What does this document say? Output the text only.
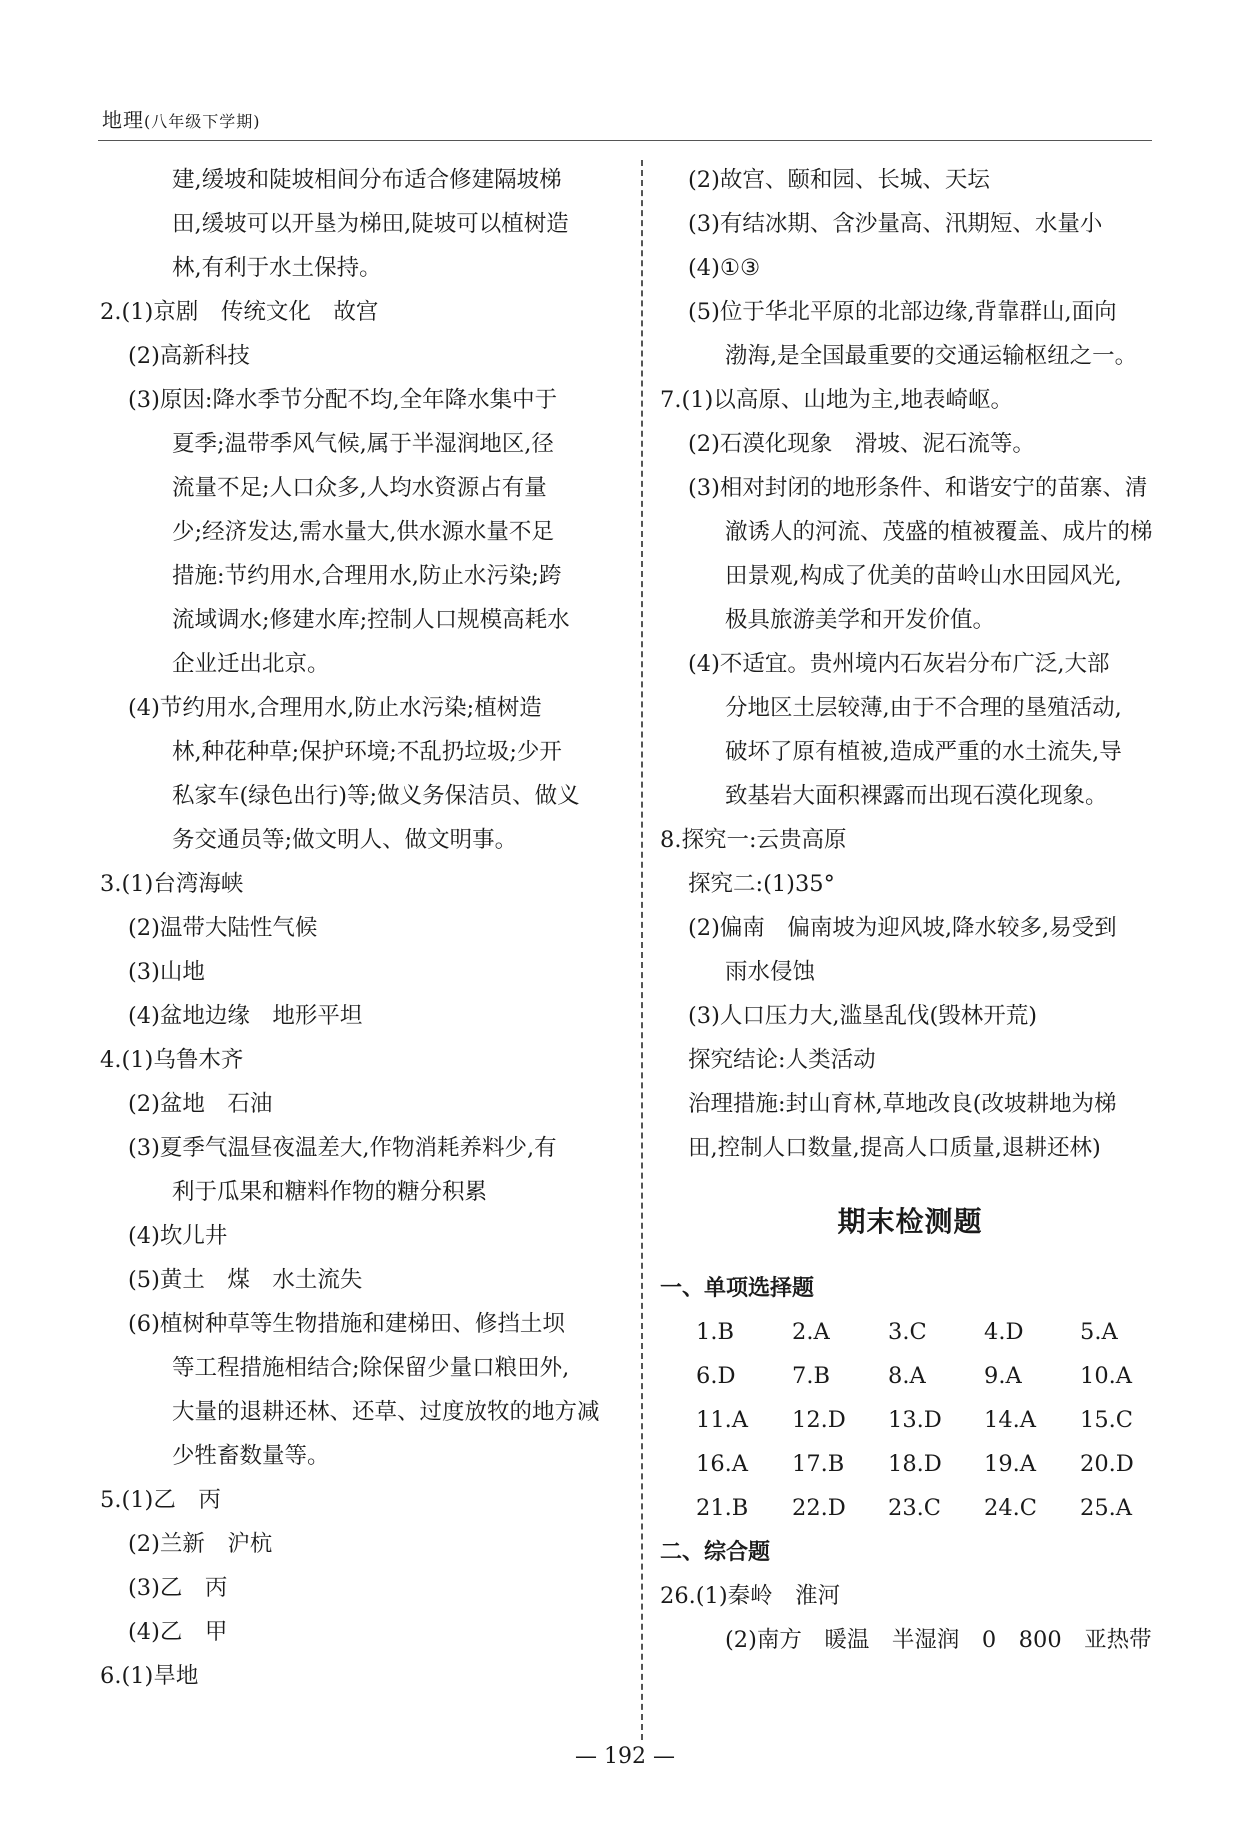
地理(八年级下学期)
建,缓坡和陡坡相间分布适合修建隔坡梯
田,缓坡可以开垦为梯田,陡坡可以植树造
林,有利于水土保持。
2.(1)京剧　传统文化　故宫
(2)高新科技
(3)原因:降水季节分配不均,全年降水集中于
夏季;温带季风气候,属于半湿润地区,径
流量不足;人口众多,人均水资源占有量
少;经济发达,需水量大,供水源水量不足
措施:节约用水,合理用水,防止水污染;跨
流域调水;修建水库;控制人口规模高耗水
企业迁出北京。
(4)节约用水,合理用水,防止水污染;植树造
林,种花种草;保护环境;不乱扔垃圾;少开
私家车(绿色出行)等;做义务保洁员、做义
务交通员等;做文明人、做文明事。
3.(1)台湾海峡
(2)温带大陆性气候
(3)山地
(4)盆地边缘　地形平坦
4.(1)乌鲁木齐
(2)盆地　石油
(3)夏季气温昼夜温差大,作物消耗养料少,有
利于瓜果和糖料作物的糖分积累
(4)坎儿井
(5)黄土　煤　水土流失
(6)植树种草等生物措施和建梯田、修挡土坝
等工程措施相结合;除保留少量口粮田外,
大量的退耕还林、还草、过度放牧的地方减
少牲畜数量等。
5.(1)乙　丙
(2)兰新　沪杭
(3)乙　丙
(4)乙　甲
6.(1)旱地
(2)故宫、颐和园、长城、天坛
(3)有结冰期、含沙量高、汛期短、水量小
(4)①③
(5)位于华北平原的北部边缘,背靠群山,面向
渤海,是全国最重要的交通运输枢纽之一。
7.(1)以高原、山地为主,地表崎岖。
(2)石漠化现象　滑坡、泥石流等。
(3)相对封闭的地形条件、和谐安宁的苗寨、清
澈诱人的河流、茂盛的植被覆盖、成片的梯
田景观,构成了优美的苗岭山水田园风光,
极具旅游美学和开发价值。
(4)不适宜。贵州境内石灰岩分布广泛,大部
分地区土层较薄,由于不合理的垦殖活动,
破坏了原有植被,造成严重的水土流失,导
致基岩大面积裸露而出现石漠化现象。
8.探究一:云贵高原
探究二:(1)35°
(2)偏南　偏南坡为迎风坡,降水较多,易受到
雨水侵蚀
(3)人口压力大,滥垦乱伐(毁林开荒)
探究结论:人类活动
治理措施:封山育林,草地改良(改坡耕地为梯
田,控制人口数量,提高人口质量,退耕还林)
期末检测题
一、单项选择题
1.B	2.A	3.C	4.D	5.A
6.D	7.B	8.A	9.A	10.A
11.A	12.D	13.D	14.A	15.C
16.A	17.B	18.D	19.A	20.D
21.B	22.D	23.C	24.C	25.A
二、综合题
26.(1)秦岭　淮河
(2)南方　暖温　半湿润　0　800　亚热带
— 192 —
